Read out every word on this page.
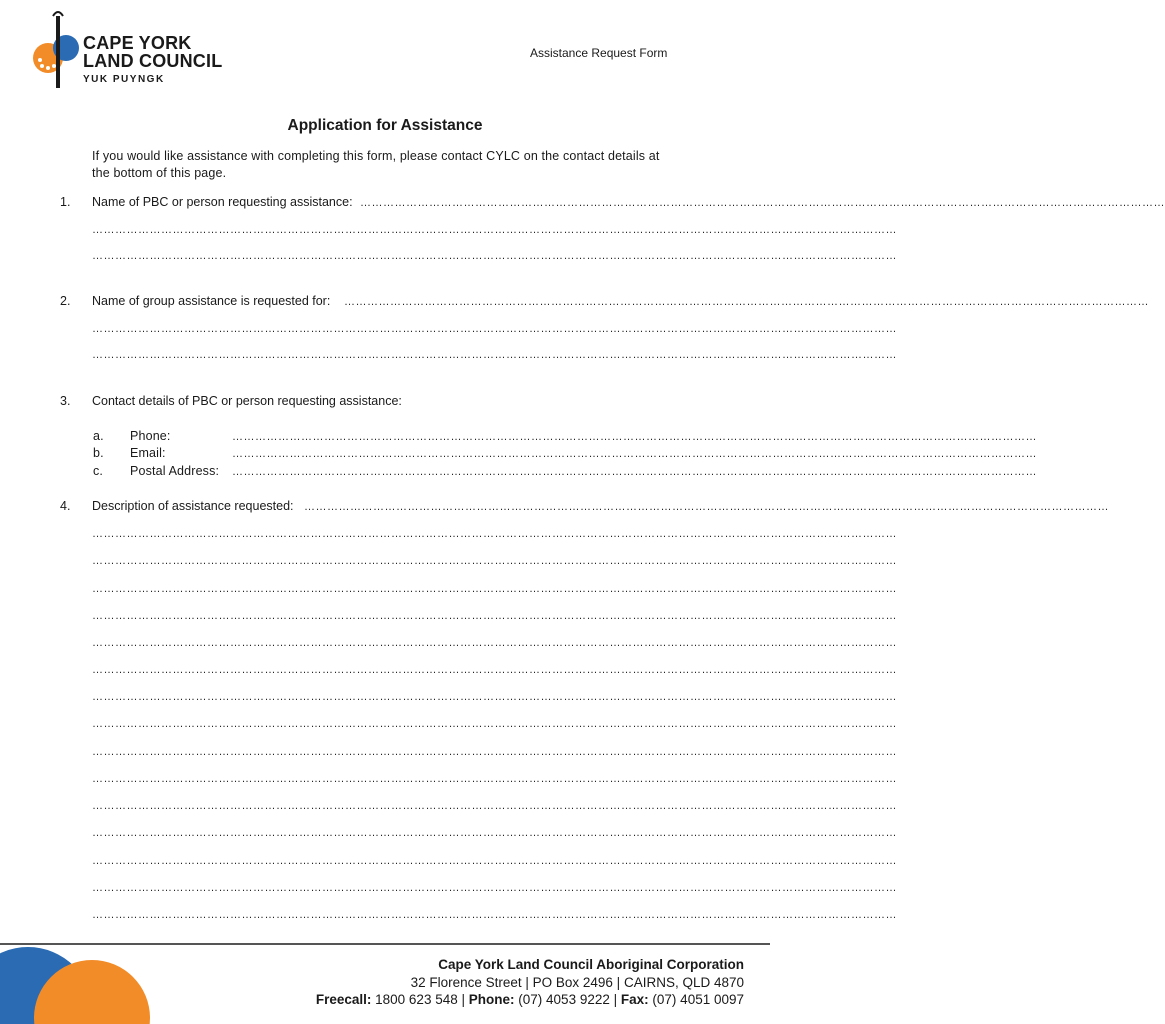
CAPE YORK
LAND COUNCIL
YUK PUYNGK
Assistance Request Form
Application for Assistance
If you would like assistance with completing this form, please contact CYLC on the contact details at
the bottom of this page.
1. Name of PBC or person requesting assistance: …………………………………………………………………………………………………………………………………………………………………………………………
…………………………………………………………………………………………………………………………………………………………………………………………
…………………………………………………………………………………………………………………………………………………………………………………………
2. Name of group assistance is requested for: …………………………………………………………………………………………………………………………………………………………………………………………
…………………………………………………………………………………………………………………………………………………………………………………………
…………………………………………………………………………………………………………………………………………………………………………………………
3. Contact details of PBC or person requesting assistance:
a. Phone:	…………………………………………………………………………………………………………………………………………………………………………………………
b. Email:	…………………………………………………………………………………………………………………………………………………………………………………………
c. Postal Address: …………………………………………………………………………………………………………………………………………………………………………………………
4. Description of assistance requested: …………………………………………………………………………………………………………………………………………………………………………………………
…………………………………………………………………………………………………………………………………………………………………………………………
…………………………………………………………………………………………………………………………………………………………………………………………
…………………………………………………………………………………………………………………………………………………………………………………………
…………………………………………………………………………………………………………………………………………………………………………………………
…………………………………………………………………………………………………………………………………………………………………………………………
…………………………………………………………………………………………………………………………………………………………………………………………
…………………………………………………………………………………………………………………………………………………………………………………………
…………………………………………………………………………………………………………………………………………………………………………………………
…………………………………………………………………………………………………………………………………………………………………………………………
…………………………………………………………………………………………………………………………………………………………………………………………
…………………………………………………………………………………………………………………………………………………………………………………………
…………………………………………………………………………………………………………………………………………………………………………………………
…………………………………………………………………………………………………………………………………………………………………………………………
…………………………………………………………………………………………………………………………………………………………………………………………
…………………………………………………………………………………………………………………………………………………………………………………………
Cape York Land Council Aboriginal Corporation
32 Florence Street | PO Box 2496 | CAIRNS, QLD 4870
Freecall: 1800 623 548 | Phone: (07) 4053 9222 | Fax: (07) 4051 0097
